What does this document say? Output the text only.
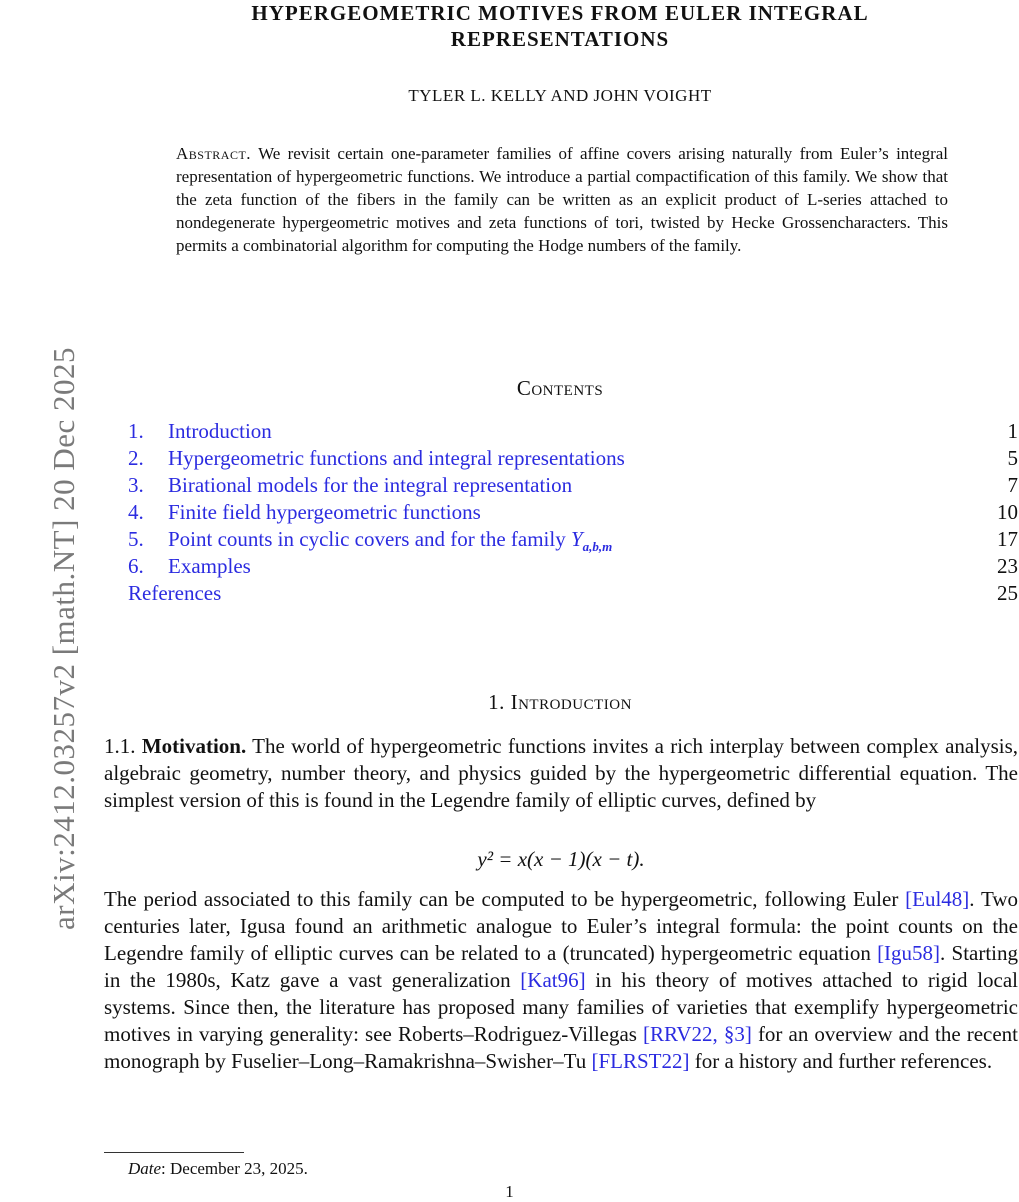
arXiv:2412.03257v2 [math.NT] 20 Dec 2025
HYPERGEOMETRIC MOTIVES FROM EULER INTEGRAL
REPRESENTATIONS
TYLER L. KELLY AND JOHN VOIGHT
Abstract. We revisit certain one-parameter families of affine covers arising naturally from Euler’s integral representation of hypergeometric functions. We introduce a partial compactification of this family. We show that the zeta function of the fibers in the family can be written as an explicit product of L-series attached to nondegenerate hypergeometric motives and zeta functions of tori, twisted by Hecke Grossencharacters. This permits a combinatorial algorithm for computing the Hodge numbers of the family.
Contents
1. Introduction	1
2. Hypergeometric functions and integral representations	5
3. Birational models for the integral representation	7
4. Finite field hypergeometric functions	10
5. Point counts in cyclic covers and for the family $Y_{a,b,m}$	17
6. Examples	23
References	25
1. Introduction
1.1. Motivation. The world of hypergeometric functions invites a rich interplay between complex analysis, algebraic geometry, number theory, and physics guided by the hypergeometric differential equation. The simplest version of this is found in the Legendre family of elliptic curves, defined by
y² = x(x − 1)(x − t).
The period associated to this family can be computed to be hypergeometric, following Euler [Eul48]. Two centuries later, Igusa found an arithmetic analogue to Euler’s integral formula: the point counts on the Legendre family of elliptic curves can be related to a (truncated) hypergeometric equation [Igu58]. Starting in the 1980s, Katz gave a vast generalization [Kat96] in his theory of motives attached to rigid local systems. Since then, the literature has proposed many families of varieties that exemplify hypergeometric motives in varying generality: see Roberts–Rodriguez-Villegas [RRV22, §3] for an overview and the recent monograph by Fuselier–Long–Ramakrishna–Swisher–Tu [FLRST22] for a history and further references.
Date: December 23, 2025.
1
